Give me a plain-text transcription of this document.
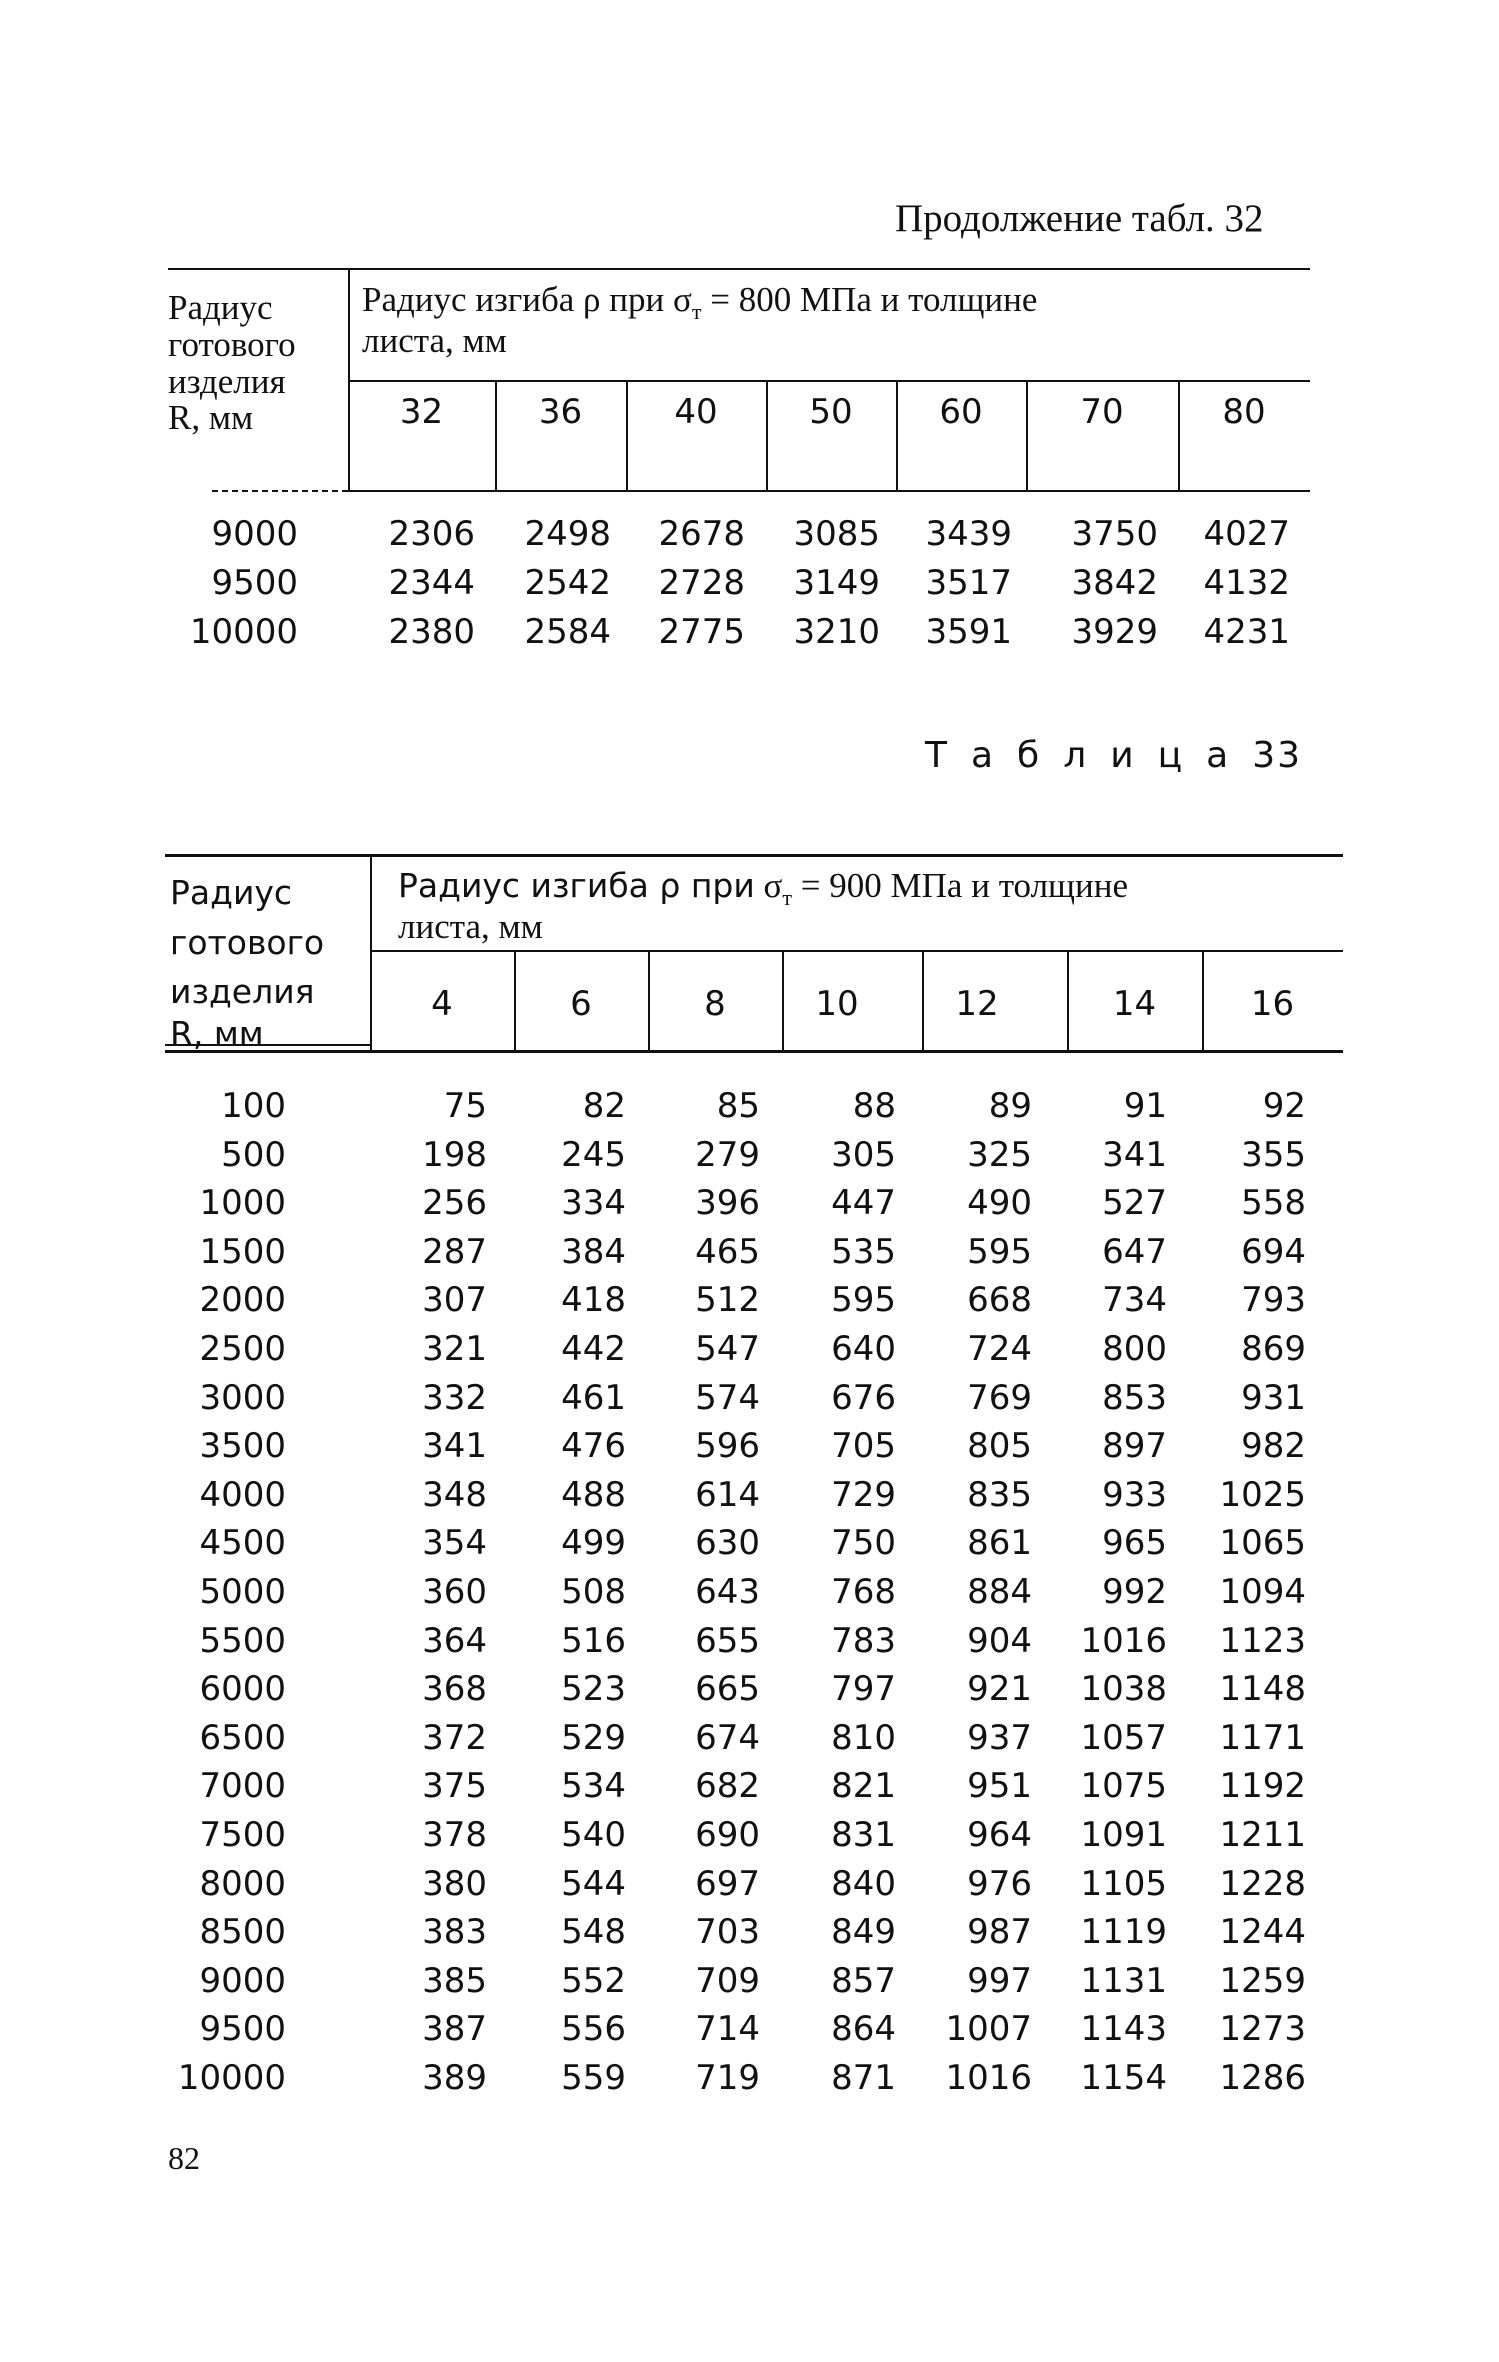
Продолжение табл. 32
Радиус
готового
изделия
R, мм
Радиус изгиба ρ при $\sigma_т = 800$ МПа и толщине
листа, мм
32	36	40	50	60	70	80
9000	2306 2498 2678 3085 3439 3750 4027
9500	2344 2542 2728 3149 3517 3842 4132
10000	2380 2584 2775 3210 3591 3929 4231
Таблица33
Радиус
готового
изделия
R, мм
Радиус изгиба ρ при $\sigma_т = 900$ МПа и толщине
листа, мм
4	6	8	10	12	14	16
100	75	82	85	88	89	91	92
500	198 245 279 305 325 341 355
1000	256 334 396 447 490 527 558
1500	287 384 465 535 595 647 694
2000	307 418 512 595 668 734 793
2500	321 442 547 640 724 800 869
3000	332 461 574 676 769 853 931
3500	341 476 596 705 805 897 982
4000	348 488 614 729 835 933 1025
4500	354 499 630 750 861 965 1065
5000	360 508 643 768 884 992 1094
5500	364 516 655 783 904 1016 1123
6000	368 523 665 797 921 1038 1148
6500	372 529 674 810 937 1057 1171
7000	375 534 682 821 951 1075 1192
7500	378 540 690 831 964 1091 1211
8000	380 544 697 840 976 1105 1228
8500	383 548 703 849 987 1119 1244
9000	385 552 709 857 997 1131 1259
9500	387 556 714 864 1007 1143 1273
10000	389 559 719 871 1016 1154 1286
82
